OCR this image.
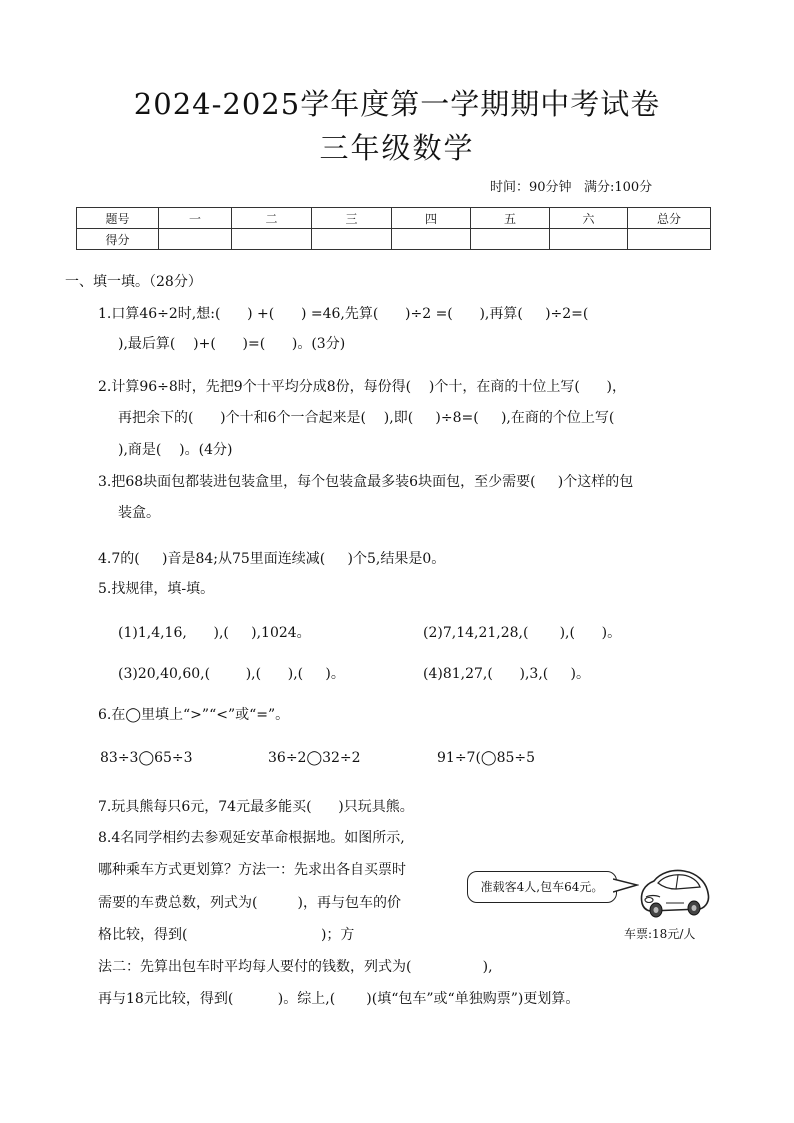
2024-2025学年度第一学期期中考试卷
三年级数学
时间：90分钟   满分:100分
题号	一	二	三	四	五	六	总分
得分							
一、填一填。（28分）
1.口算46÷2时,想:(      ) +(      ) =46,先算(      )÷2 =(      ),再算(     )÷2=(
),最后算(    )+(      )=(      )。(3分)
2.计算96÷8时，先把9个十平均分成8份，每份得(    )个十，在商的十位上写(      )，
再把余下的(      )个十和6个一合起来是(    ),即(     )÷8=(     ),在商的个位上写(
),商是(    )。(4分)
3.把68块面包都装进包装盒里，每个包装盒最多装6块面包，至少需要(     )个这样的包
装盒。
4.7的(     )音是84;从75里面连续减(     )个5,结果是0。
5.找规律，填-填。
(1)1,4,16,      ),(     ),1024。	(2)7,14,21,28,(       ),(      )。
(3)20,40,60,(        ),(      ),(     )。	(4)81,27,(      ),3,(     )。
6.在◯里填上“>”“<”或“=”。
83÷3◯65÷3	36÷2◯32÷2	91÷7(◯85÷5
7.玩具熊每只6元，74元最多能买(      )只玩具熊。
8.4名同学相约去参观延安革命根据地。如图所示,
哪种乘车方式更划算？方法一：先求出各自买票时
需要的车费总数，列式为(         )，再与包车的价
格比较，得到(                              )；方
法二：先算出包车时平均每人要付的钱数，列式为(                ),
再与18元比较，得到(          )。综上,(       )(填“包车”或“单独购票”)更划算。
准载客4人,包车64元。
车票:18元/人
